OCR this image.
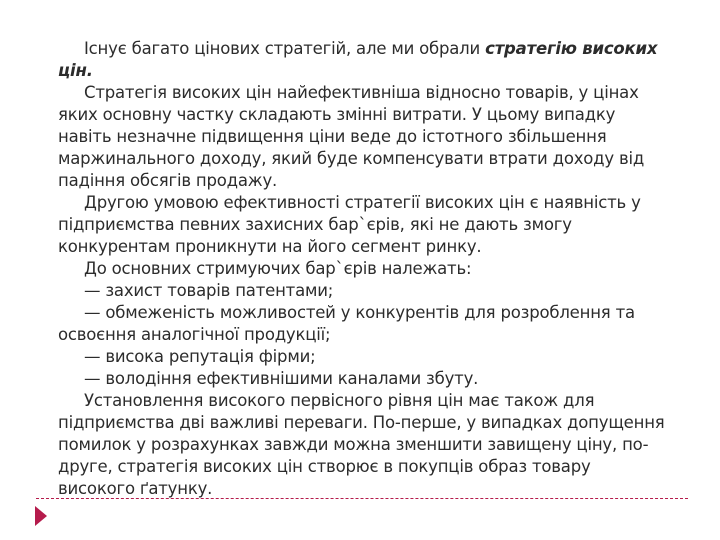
Існує багато цінових стратегій, але ми обрали стратегію високих цін.

Стратегія високих цін найефективніша відносно товарів, у цінах яких основну частку складають змінні витрати. У цьому випадку навіть незначне підвищення ціни веде до істотного збільшення маржинального доходу, який буде компенсувати втрати доходу від падіння обсягів продажу.

Другою умовою ефективності стратегії високих цін є наявність у підприємства певних захисних бар`єрів, які не дають змогу конкурентам проникнути на його сегмент ринку.

До основних стримуючих бар`єрів належать:

— захист товарів патентами;

— обмеженість можливостей у конкурентів для розроблення та освоєння аналогічної продукції;

— висока репутація фірми;

— володіння ефективнішими каналами збуту.

Установлення високого первісного рівня цін має також для підприємства дві важливі переваги. По-перше, у випадках допущення помилок у розрахунках завжди можна зменшити завищену ціну, по-друге, стратегія високих цін створює в покупців образ товару високого ґатунку.
